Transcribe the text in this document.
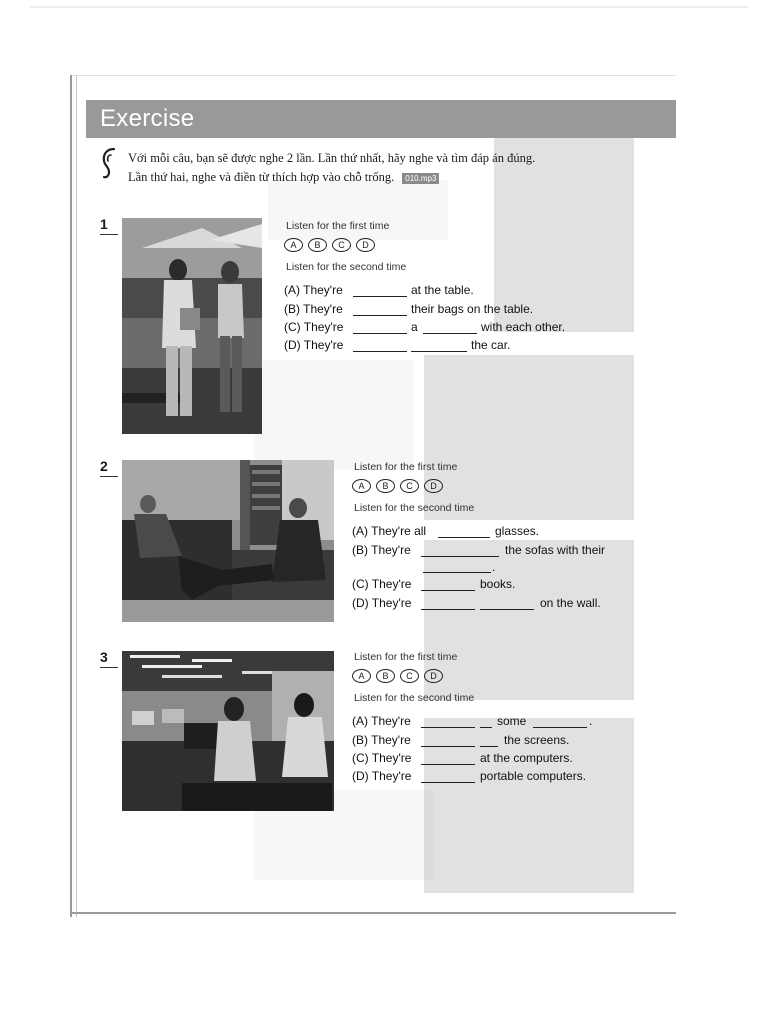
Exercise
Với mỗi câu, bạn sẽ được nghe 2 lần. Lần thứ nhất, hãy nghe và tìm đáp án đúng.
Lần thứ hai, nghe và điền từ thích hợp vào chỗ trống. 010.mp3
1	Listen for the first time
A	B	C	D
Listen for the second time
(A) They're	at the table.
(B) They're	their bags on the table.
(C) They're	a	with each other.
(D) They're	the car.
2	Listen for the first time
A	B	C	D
Listen for the second time
(A) They're all	glasses.
(B) They're	the sofas with their
.
(C) They're	books.
(D) They're	on the wall.
3	Listen for the first time
A	B	C	D
Listen for the second time
(A) They're	some	.
(B) They're	the screens.
(C) They're	at the computers.
(D) They're	portable computers.
